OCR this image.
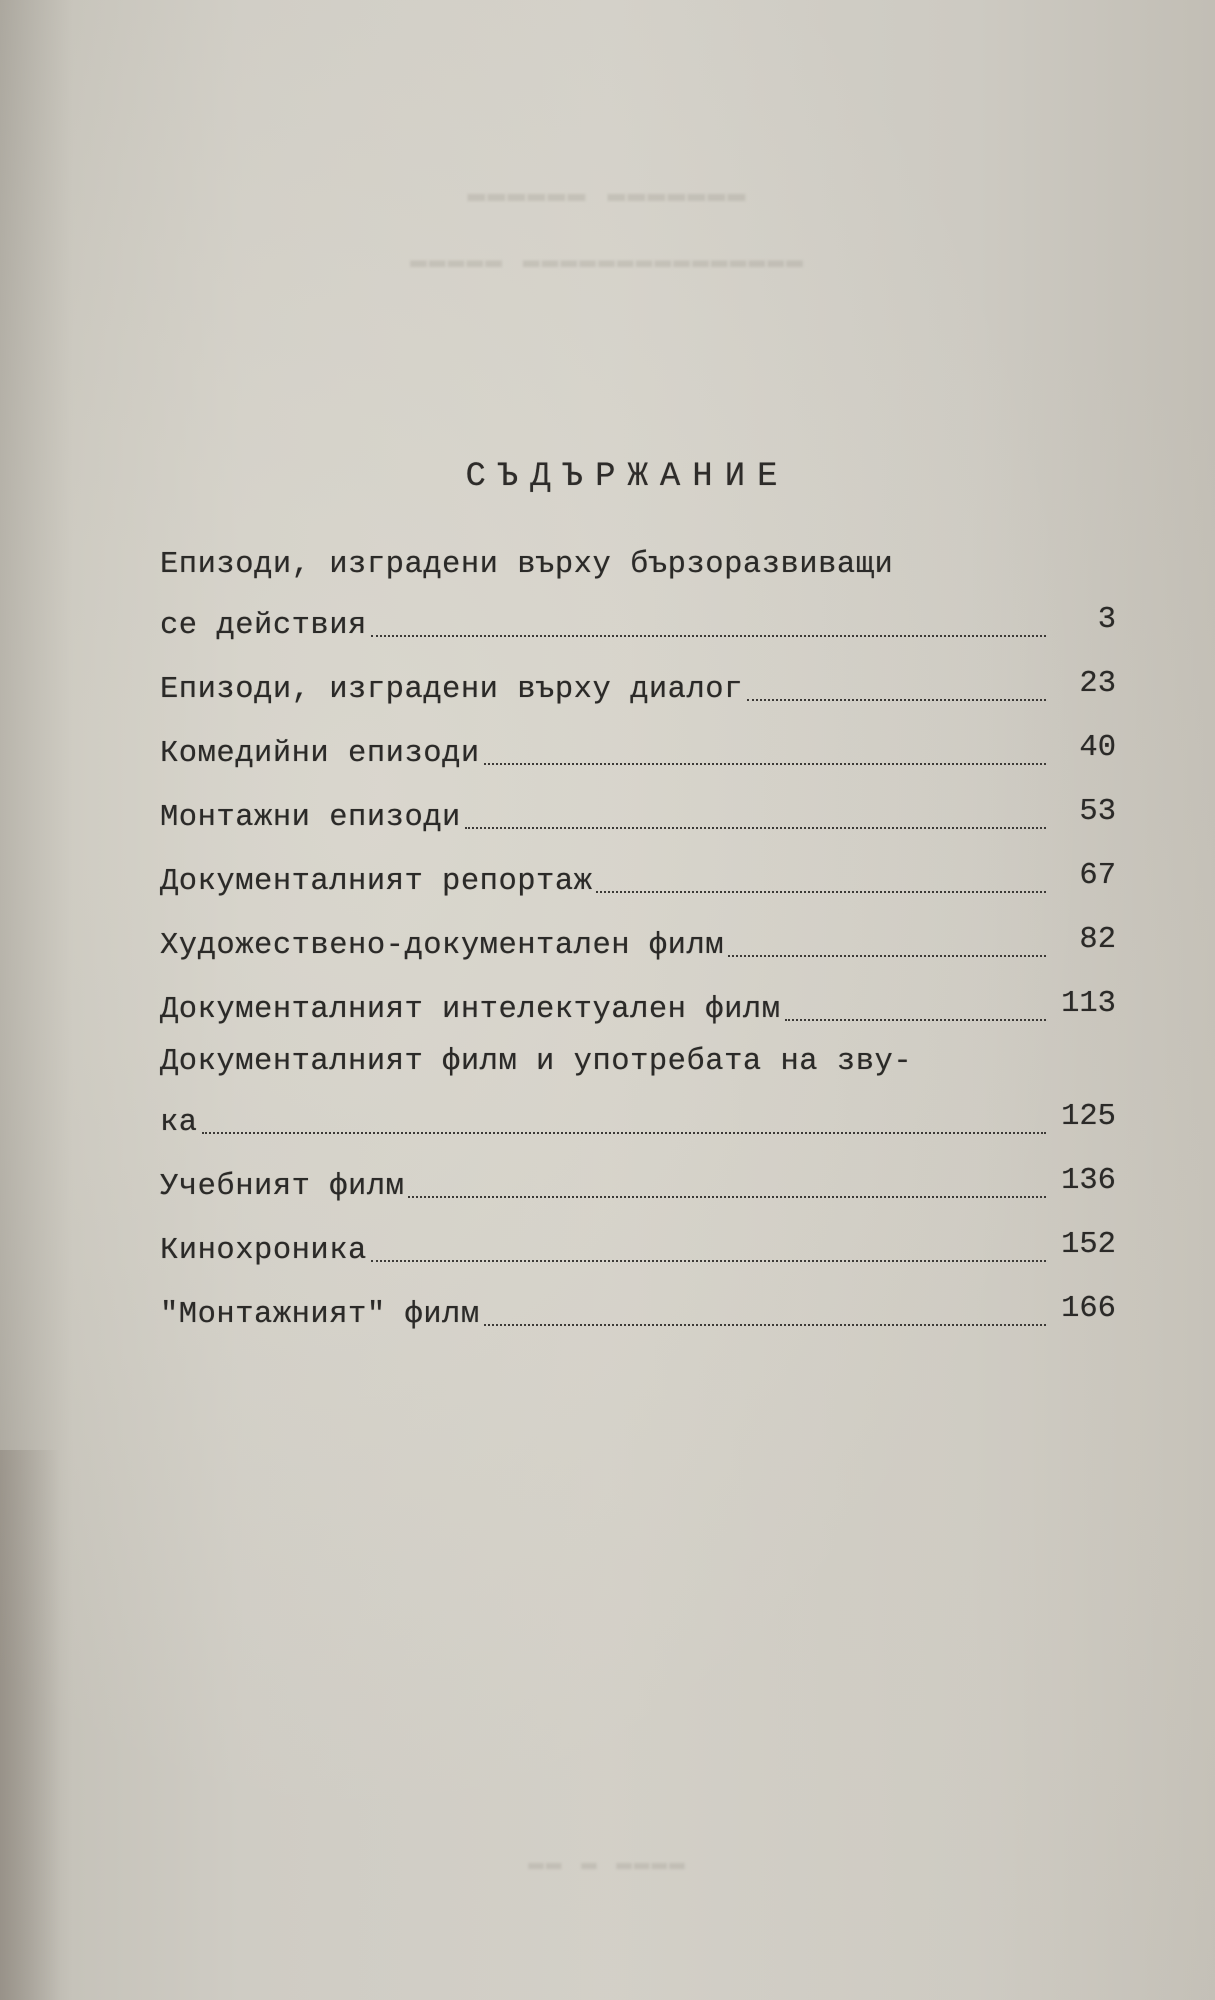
▬▬▬▬▬▬ ▬▬▬▬▬▬▬
▬▬▬▬▬ ▬▬▬▬▬▬▬▬▬▬▬▬▬▬▬
▬▬ ▬ ▬▬▬▬
СЪДЪРЖАНИЕ
Епизоди, изградени върху бързоразвиващи
се действия	3
Епизоди, изградени върху диалог	23
Комедийни епизоди	40
Монтажни епизоди	53
Документалният репортаж	67
Художествено-документален филм	82
Документалният интелектуален филм	113
Документалният филм и употребата на зву-
ка	125
Учебният филм	136
Кинохроника	152
"Монтажният" филм	166
